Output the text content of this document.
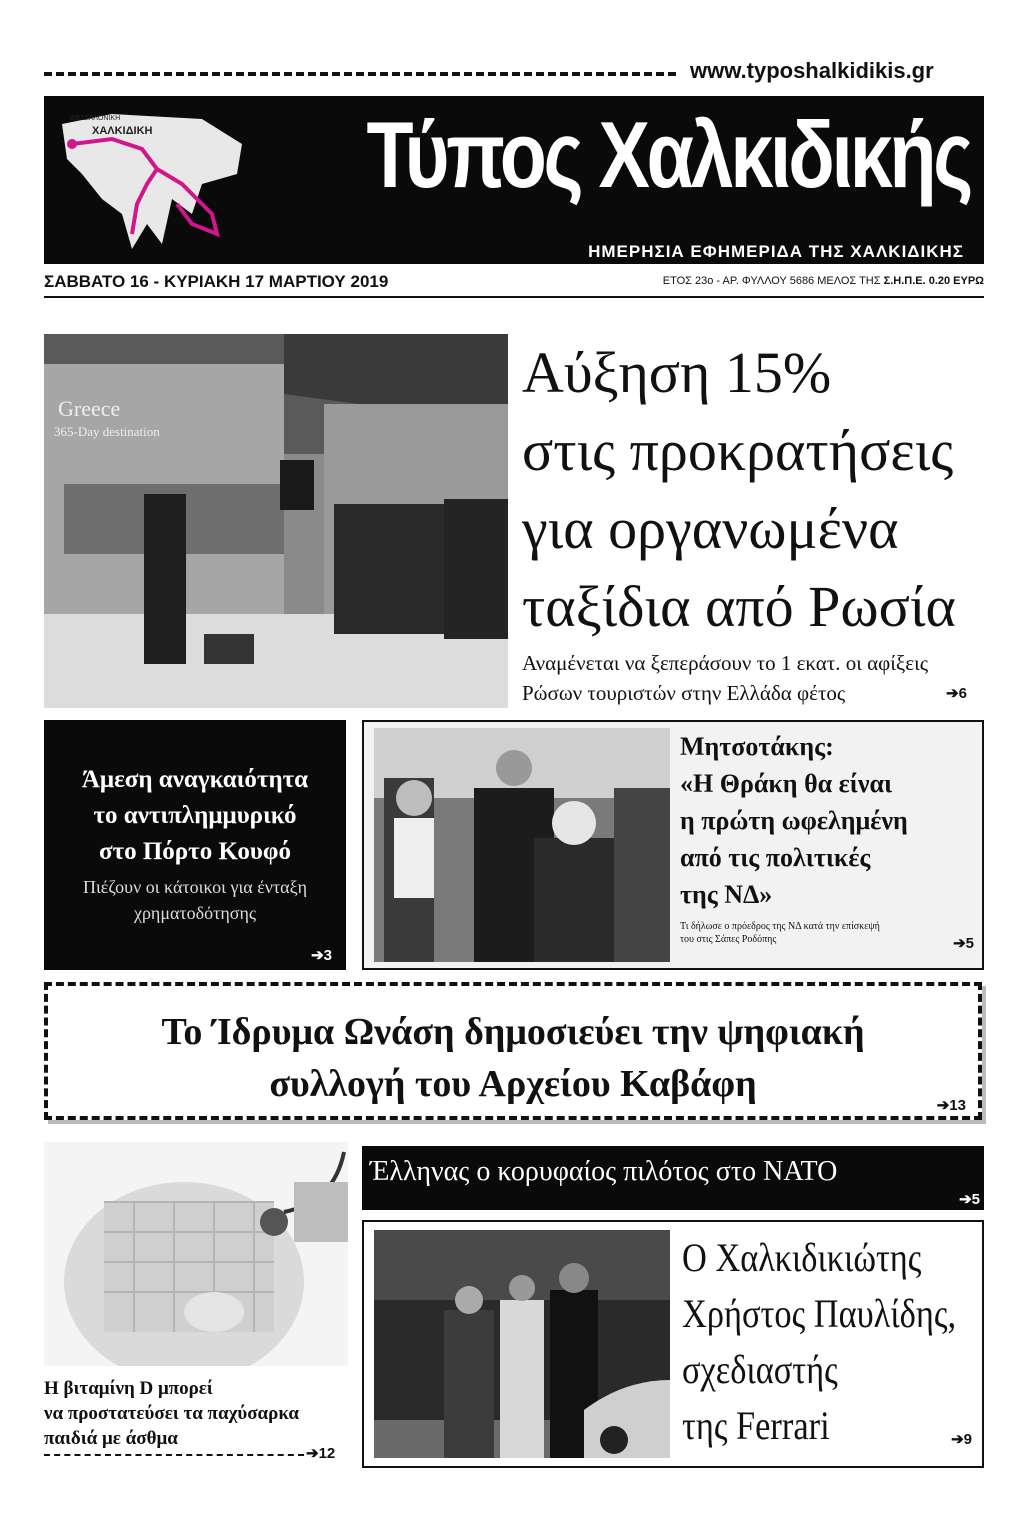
www.typoshalkidikis.gr
ΘΕΣΣΑΛΟΝΙΚΗ
ΧΑΛΚΙΔΙΚΗ Τύπος Χαλκιδικής
ΗΜΕΡΗΣΙΑ ΕΦΗΜΕΡΙΔΑ ΤΗΣ ΧΑΛΚΙΔΙΚΗΣ
ΣΑΒΒΑΤΟ 16 - ΚΥΡΙΑΚΗ 17 ΜΑΡΤΙΟΥ 2019	ΕΤΟΣ 23ο - ΑΡ. ΦΥΛΛΟΥ 5686 ΜΕΛΟΣ ΤΗΣ Σ.Η.Π.Ε. 0.20 ΕΥΡΩ
Greece
365-Day destination
Αύξηση 15%
στις προκρατήσεις
για οργανωμένα
ταξίδια από Ρωσία
Αναμένεται να ξεπεράσουν το 1 εκατ. οι αφίξεις
Ρώσων τουριστών στην Ελλάδα φέτος	➔6
Άμεση αναγκαιότητα
το αντιπλημμυρικό
στο Πόρτο Κουφό
Πιέζουν οι κάτοικοι για ένταξη
χρηματοδότησης
➔3
Μητσοτάκης:
«Η Θράκη θα είναι
η πρώτη ωφελημένη
από τις πολιτικές
της ΝΔ»
Τι δήλωσε ο πρόεδρος της ΝΔ κατά την επίσκεψή
του στις Σάπες Ροδόπης	➔5
Το Ίδρυμα Ωνάση δημοσιεύει την ψηφιακή
συλλογή του Αρχείου Καβάφη
➔13
Η βιταμίνη D μπορεί
να προστατεύσει τα παχύσαρκα
παιδιά με άσθμα
➔12
Έλληνας ο κορυφαίος πιλότος στο ΝΑΤΟ
➔5
Ο Χαλκιδικιώτης
Χρήστος Παυλίδης,
σχεδιαστής
της Ferrari	➔9
